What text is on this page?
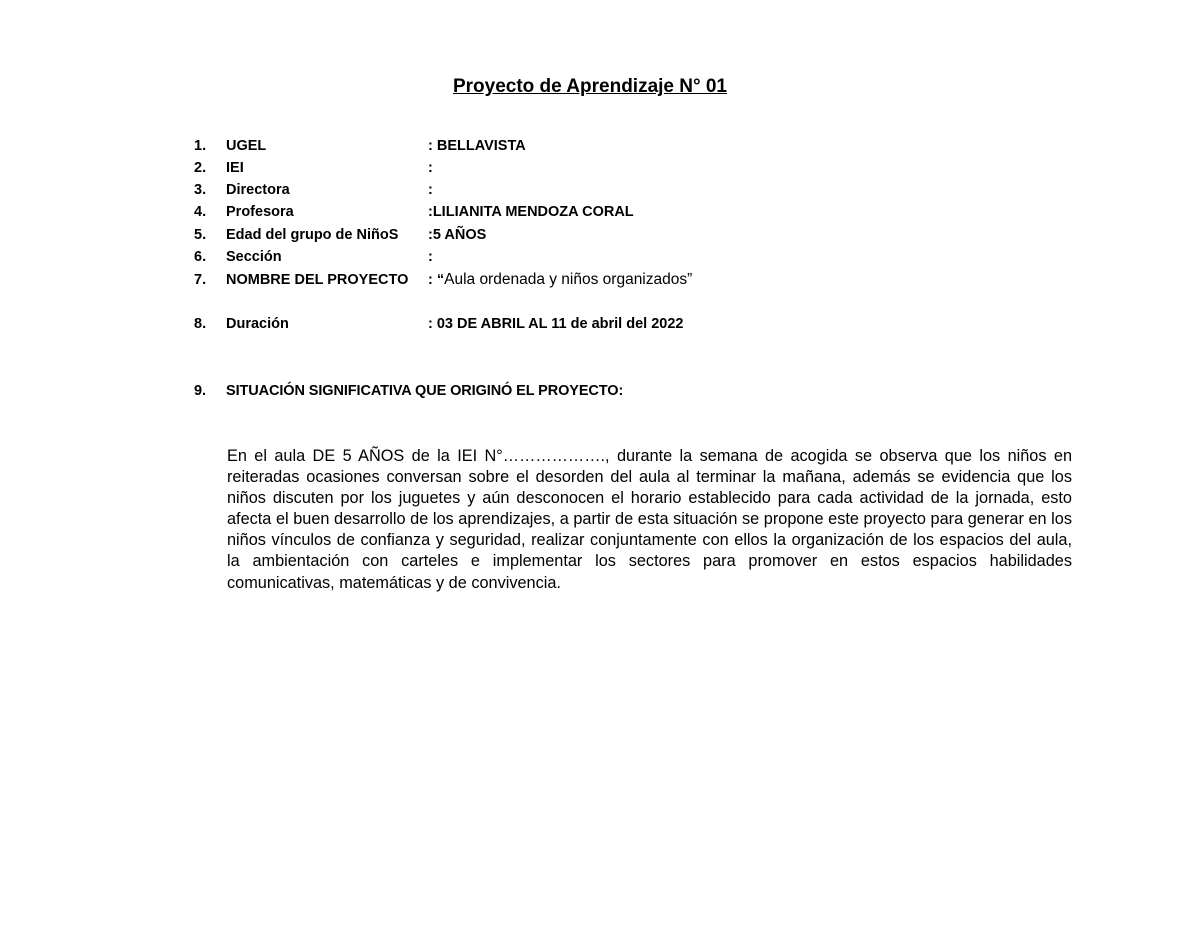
Proyecto de Aprendizaje N° 01
1.	UGEL	: BELLAVISTA
2.	IEI	:
3.	Directora	:
4.	Profesora	:LILIANITA MENDOZA CORAL
5.	Edad del grupo de NiñoS :5 AÑOS
6.	Sección	:
7.	NOMBRE DEL PROYECTO : “Aula ordenada y niños organizados”
8.	Duración	: 03 DE ABRIL AL 11 de abril del 2022
9.	SITUACIÓN SIGNIFICATIVA QUE ORIGINÓ EL PROYECTO:
En el aula DE 5 AÑOS de la IEI N°………………., durante la semana de acogida se observa que los niños en reiteradas ocasiones conversan sobre el desorden del aula al terminar la mañana, además se evidencia que los niños discuten por los juguetes y aún desconocen el horario establecido para cada actividad de la jornada, esto afecta el buen desarrollo de los aprendizajes, a partir de esta situación se propone este proyecto para generar en los niños vínculos de confianza y seguridad, realizar conjuntamente con ellos la organización de los espacios del aula, la ambientación con carteles e implementar los sectores para promover en estos espacios habilidades comunicativas, matemáticas y de convivencia.
